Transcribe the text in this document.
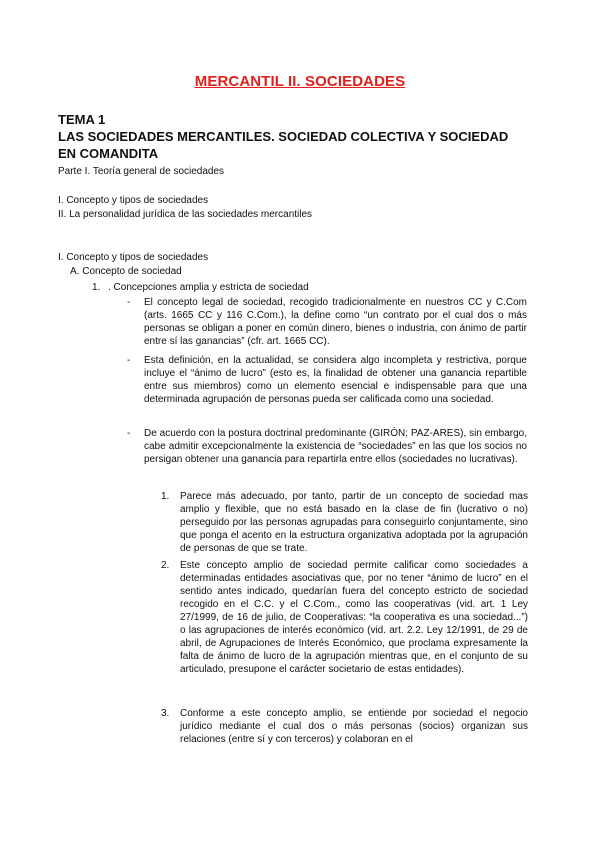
MERCANTIL II. SOCIEDADES
TEMA 1
LAS SOCIEDADES MERCANTILES. SOCIEDAD COLECTIVA Y SOCIEDAD
EN COMANDITA
Parte I. Teoría general de sociedades
I. Concepto y tipos de sociedades
II. La personalidad jurídica de las sociedades mercantiles
I. Concepto y tipos de sociedades
A. Concepto de sociedad
1. . Concepciones amplia y estricta de sociedad
- El concepto legal de sociedad, recogido tradicionalmente en nuestros CC y C.Com (arts. 1665 CC y 116 C.Com.), la define como “un contrato por el cual dos o más personas se obligan a poner en común dinero, bienes o industria, con ánimo de partir entre sí las ganancias” (cfr. art. 1665 CC).
- Esta definición, en la actualidad, se considera algo incompleta y restrictiva, porque incluye el “ánimo de lucro” (esto es, la finalidad de obtener una ganancia repartible entre sus miembros) como un elemento esencial e indispensable para que una determinada agrupación de personas pueda ser calificada como una sociedad.
- De acuerdo con la postura doctrinal predominante (GIRÓN; PAZ-ARES), sin embargo, cabe admitir excepcionalmente la existencia de “sociedades” en las que los socios no persigan obtener una ganancia para repartirla entre ellos (sociedades no lucrativas).
1. Parece más adecuado, por tanto, partir de un concepto de sociedad mas amplio y flexible, que no está basado en la clase de fin (lucrativo o no) perseguido por las personas agrupadas para conseguirlo conjuntamente, sino que ponga el acento en la estructura organizativa adoptada por la agrupación de personas de que se trate.
2. Este concepto amplio de sociedad permite calificar como sociedades a determinadas entidades asociativas que, por no tener “ánimo de lucro” en el sentido antes indicado, quedarían fuera del concepto estricto de sociedad recogido en el C.C. y el C.Com., como las cooperativas (vid. art. 1 Ley 27/1999, de 16 de julio, de Cooperativas: “la cooperativa es una sociedad...”) o las agrupaciones de interés económico (vid. art. 2.2. Ley 12/1991, de 29 de abril, de Agrupaciones de Interés Económico, que proclama expresamente la falta de ánimo de lucro de la agrupación mientras que, en el conjunto de su articulado, presupone el carácter societario de estas entidades).
3. Conforme a este concepto amplio, se entiende por sociedad el negocio jurídico mediante el cual dos o más personas (socios) organizan sus relaciones (entre sí y con terceros) y colaboran en el
